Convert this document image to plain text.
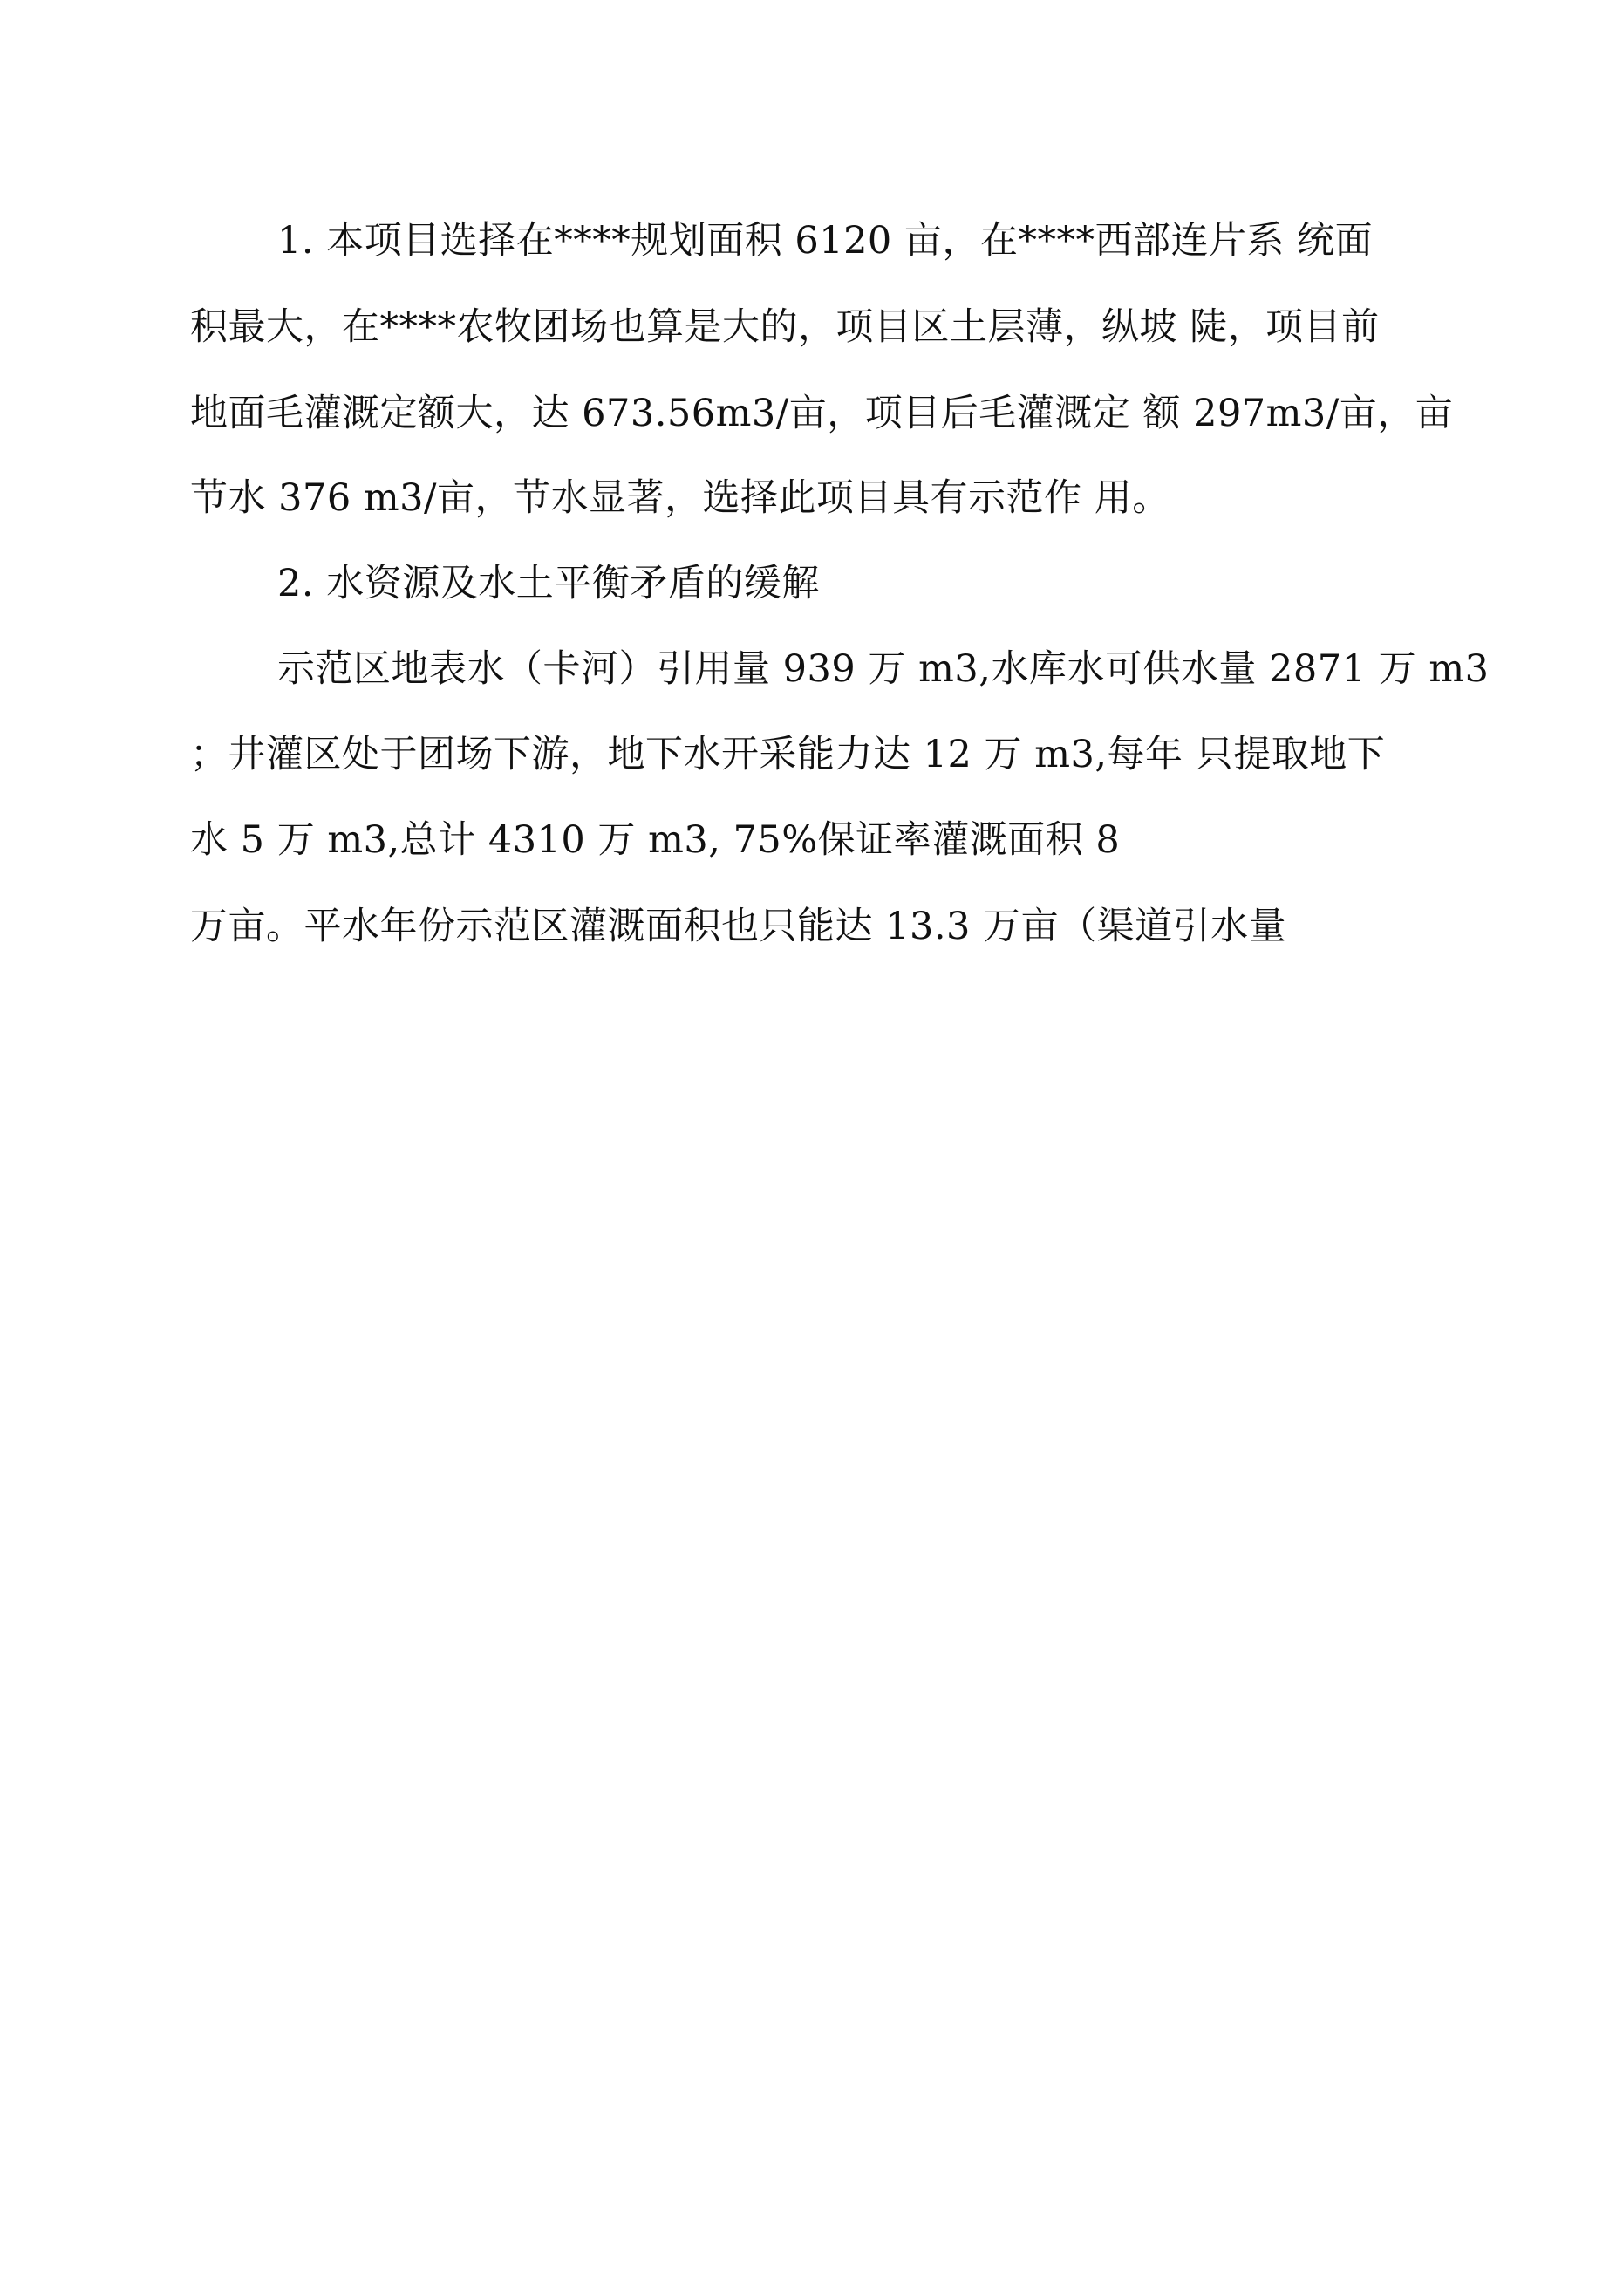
1. 本项目选择在****规划面积 6120 亩，在****西部连片系 统面
积最大，在****农牧团场也算是大的，项目区土层薄，纵坡 陡，项目前
地面毛灌溉定额大，达 673.56m3/亩，项目后毛灌溉定 额 297m3/亩，亩
节水 376 m3/亩，节水显著，选择此项目具有示范作 用。
2. 水资源及水土平衡矛盾的缓解
示范区地表水（卡河）引用量 939 万 m3,水库水可供水量 2871 万 m3
；井灌区处于团场下游，地下水开采能力达 12 万 m3,每年 只提取地下
水 5 万 m3,总计 4310 万 m3, 75%保证率灌溉面积 8
万亩。平水年份示范区灌溉面积也只能达 13.3 万亩（渠道引水量
